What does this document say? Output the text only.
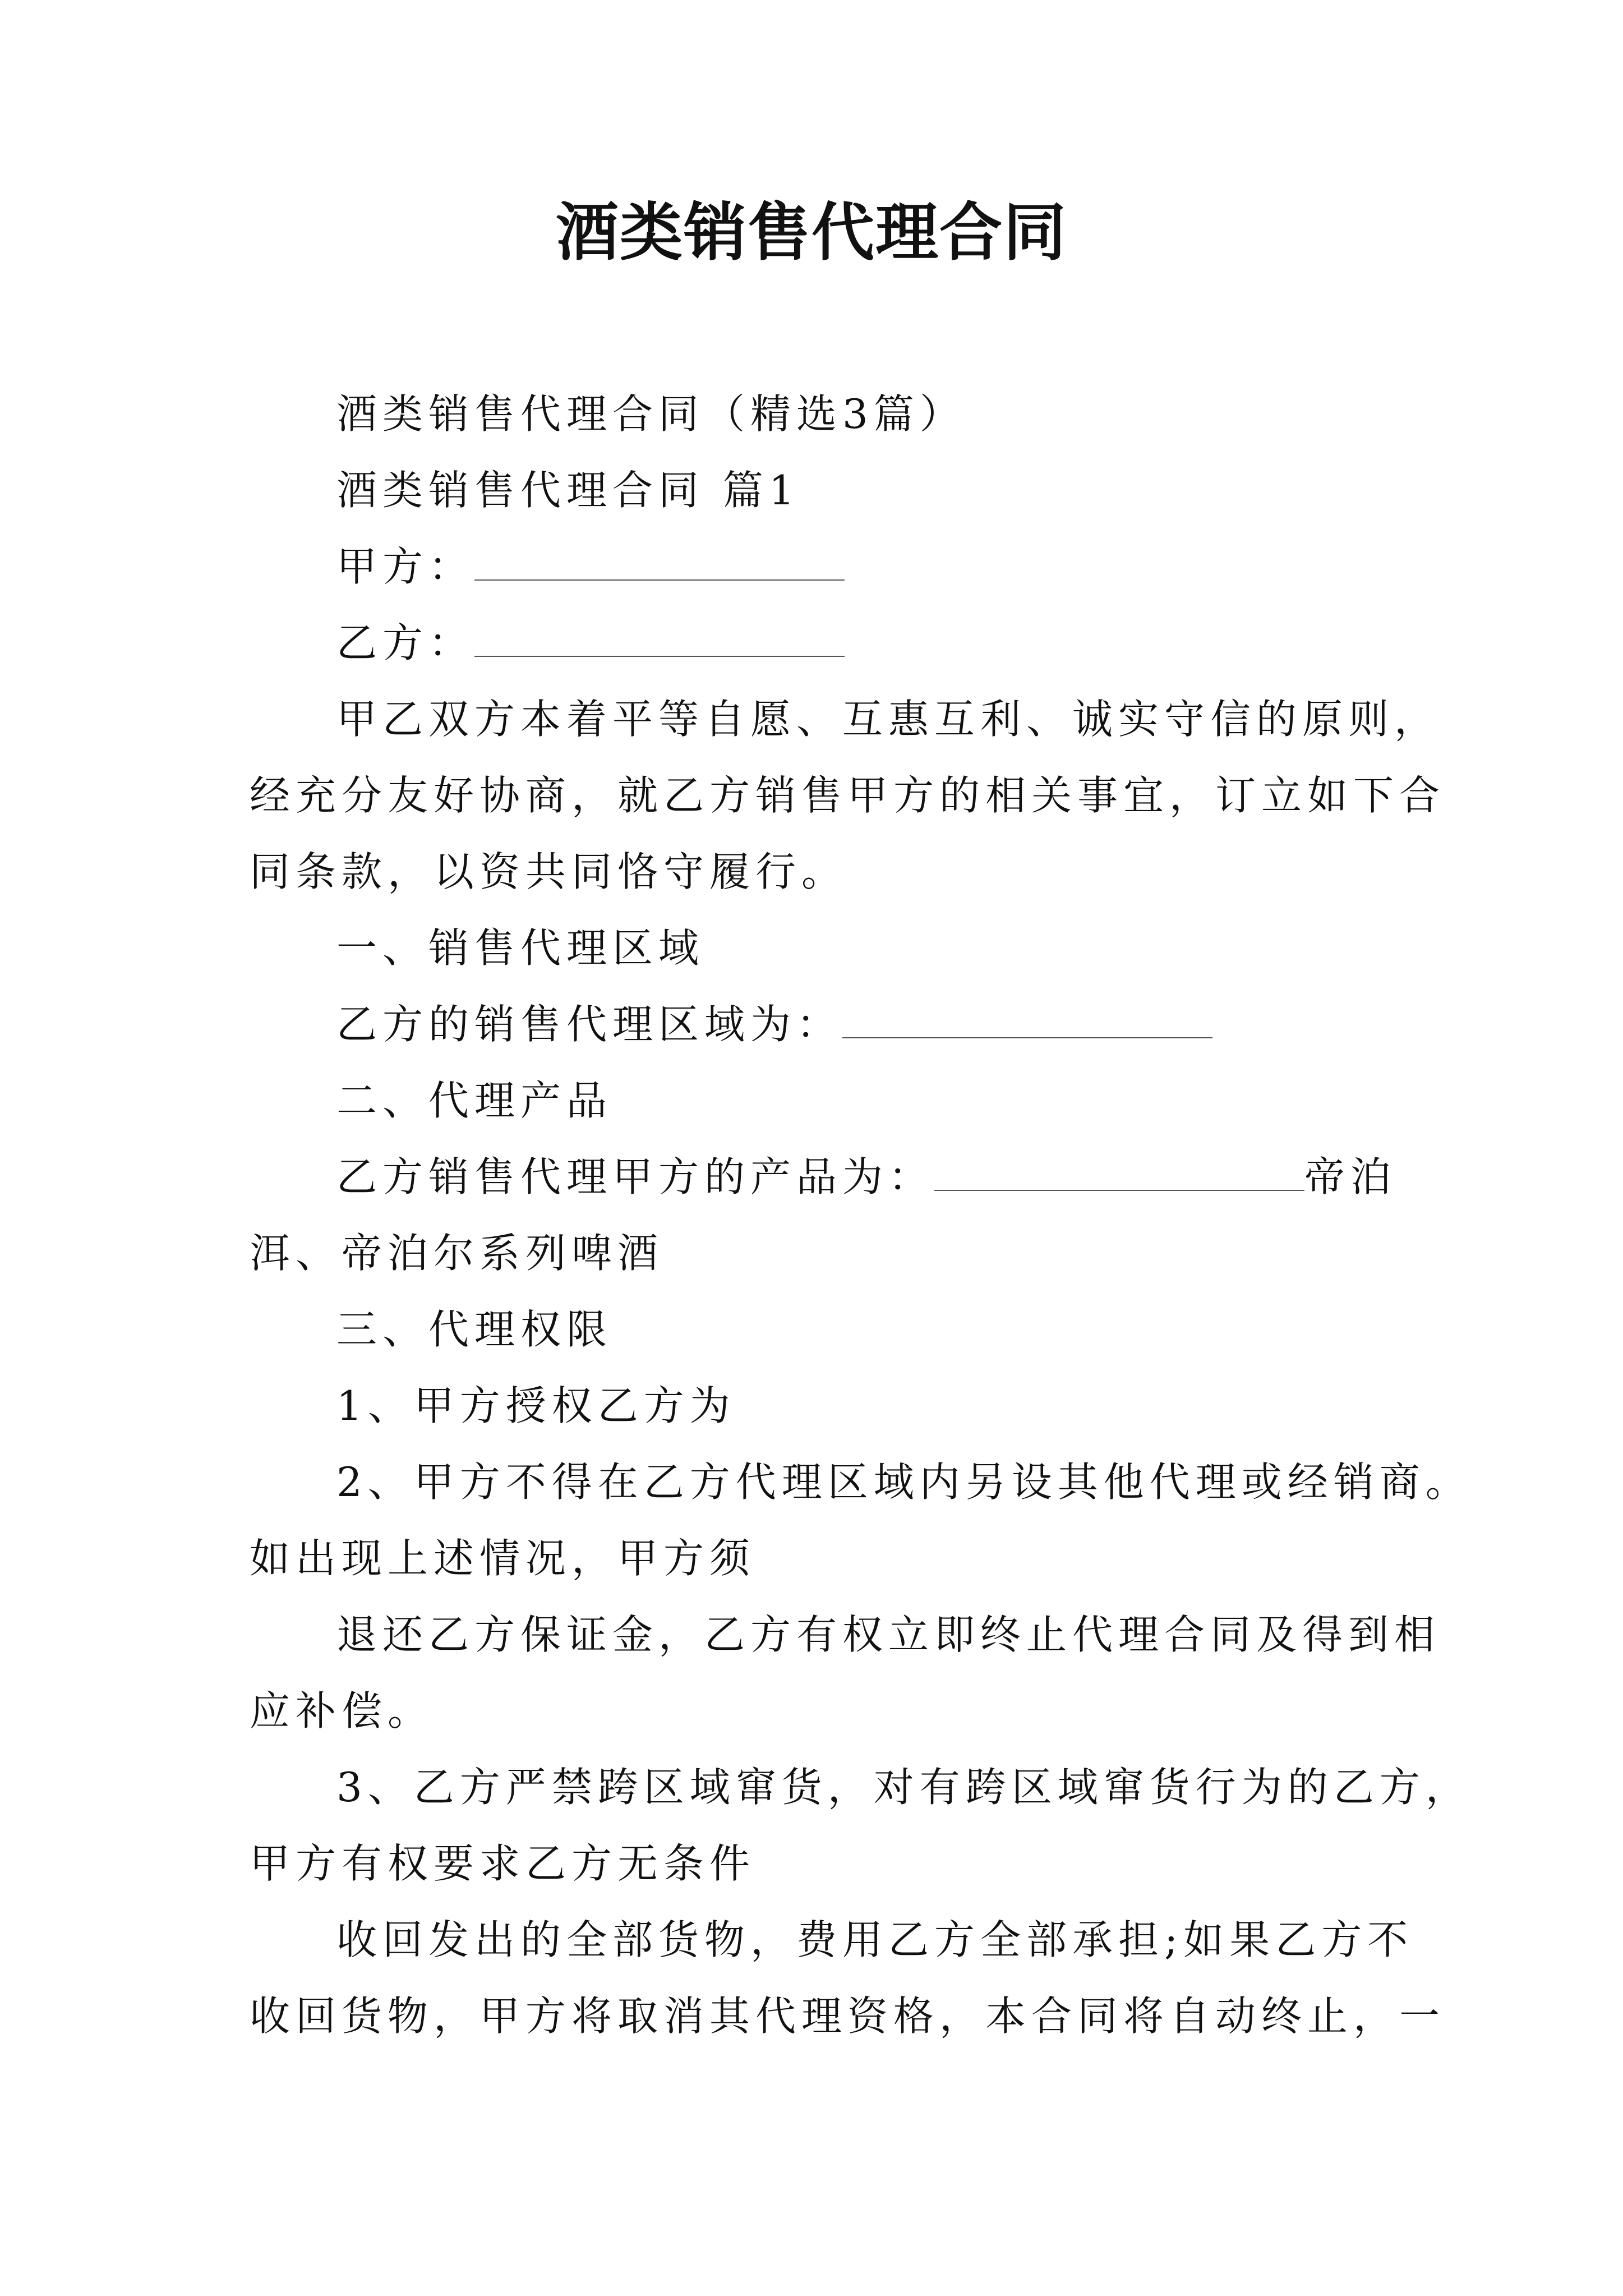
酒类销售代理合同
酒类销售代理合同（精选3篇）
酒类销售代理合同 篇1
甲方：
乙方：
甲乙双方本着平等自愿、互惠互利、诚实守信的原则，
经充分友好协商，就乙方销售甲方的相关事宜，订立如下合
同条款，以资共同恪守履行。
一、销售代理区域
乙方的销售代理区域为：
二、代理产品
乙方销售代理甲方的产品为：	帝泊
洱、帝泊尔系列啤酒
三、代理权限
1、甲方授权乙方为
2、甲方不得在乙方代理区域内另设其他代理或经销商。
如出现上述情况，甲方须
退还乙方保证金，乙方有权立即终止代理合同及得到相
应补偿。
3、乙方严禁跨区域窜货，对有跨区域窜货行为的乙方，
甲方有权要求乙方无条件
收回发出的全部货物，费用乙方全部承担;如果乙方不
收回货物，甲方将取消其代理资格，本合同将自动终止，一
